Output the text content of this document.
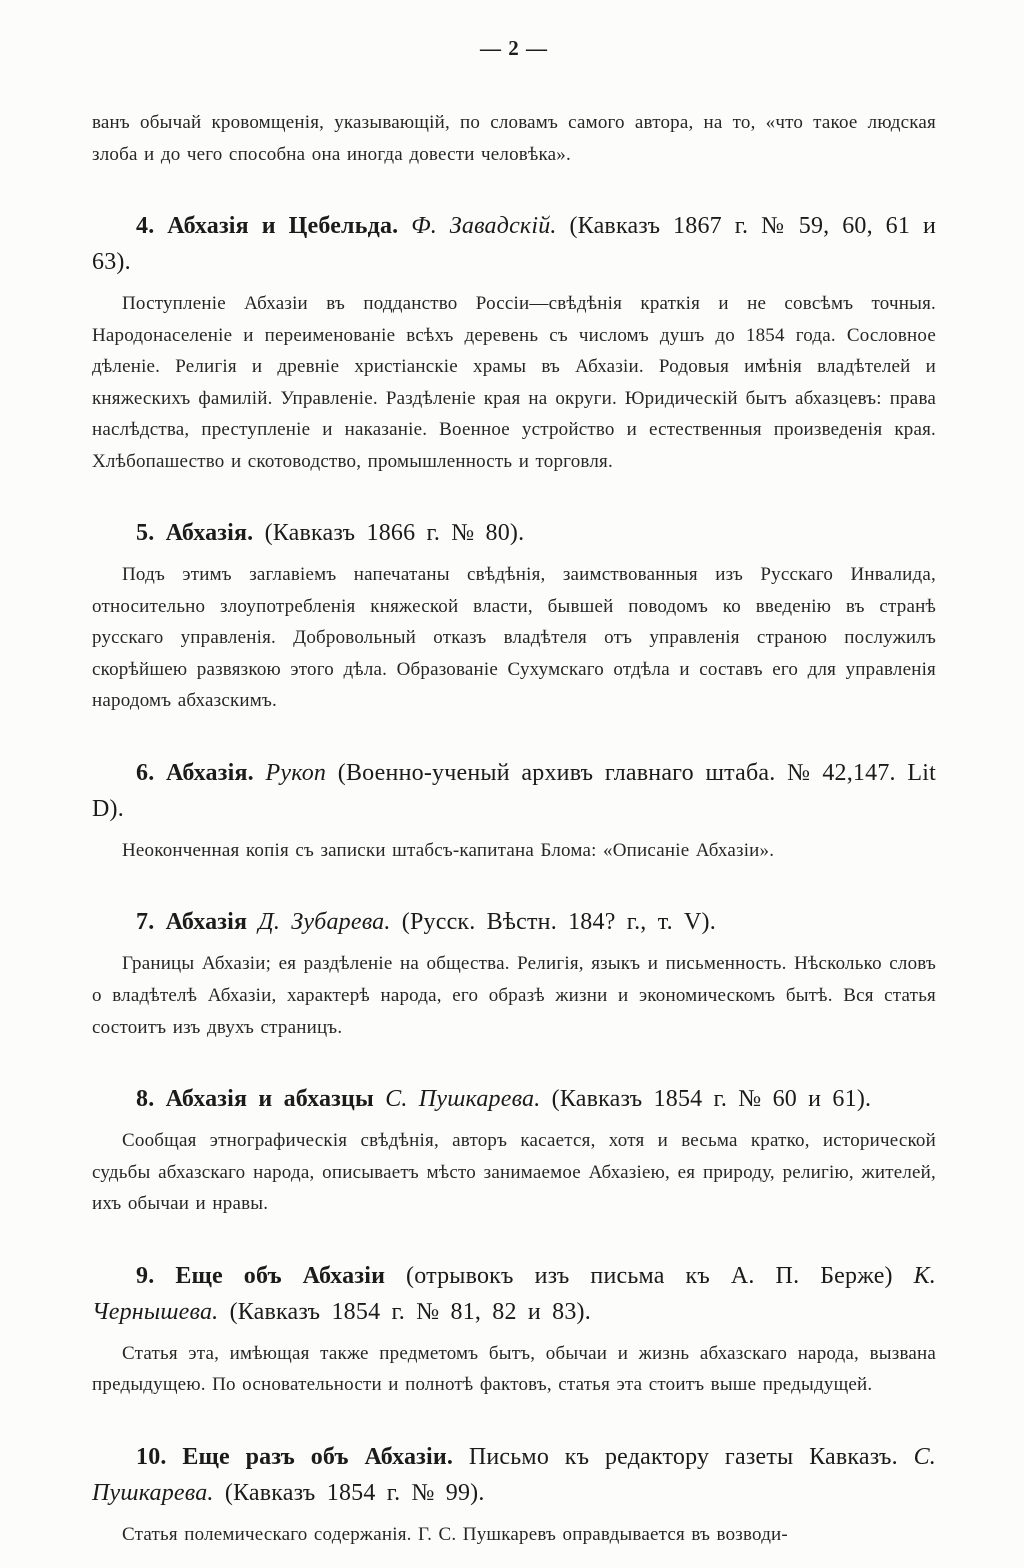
— 2 —

ванъ обычай кровомщенія, указывающій, по словамъ самого автора, на то, «что такое людская злоба и до чего способна она иногда довести человѣка».

4. Абхазія и Цебельда. Ф. Завадскій. (Кавказъ 1867 г. № 59, 60, 61 и 63).

Поступленіе Абхазіи въ подданство Россіи—свѣдѣнія краткія и не совсѣмъ точныя. Народонаселеніе и переименованіе всѣхъ деревень съ числомъ душъ до 1854 года. Сословное дѣленіе. Религія и древніе христіанскіе храмы въ Абхазіи. Родовыя имѣнія владѣтелей и княжескихъ фамилій. Управленіе. Раздѣленіе края на округи. Юридическій бытъ абхазцевъ: права наслѣдства, преступленіе и наказаніе. Военное устройство и естественныя произведенія края. Хлѣбопашество и скотоводство, промышленность и торговля.

5. Абхазія. (Кавказъ 1866 г. № 80).

Подъ этимъ заглавіемъ напечатаны свѣдѣнія, заимствованныя изъ Русскаго Инвалида, относительно злоупотребленія княжеской власти, бывшей поводомъ ко введенію въ странѣ русскаго управленія. Добровольный отказъ владѣтеля отъ управленія страною послужилъ скорѣйшею развязкою этого дѣла. Образованіе Сухумскаго отдѣла и составъ его для управленія народомъ абхазскимъ.

6. Абхазія. Рукоп (Военно-ученый архивъ главнаго штаба. № 42,147. Lit D).

Неоконченная копія съ записки штабсъ-капитана Блома: «Описаніе Абхазіи».

7. Абхазія Д. Зубарева. (Русск. Вѣстн. 184? г., т. V).

Границы Абхазіи; ея раздѣленіе на общества. Религія, языкъ и письменность. Нѣсколько словъ о владѣтелѣ Абхазіи, характерѣ народа, его образѣ жизни и экономическомъ бытѣ. Вся статья состоитъ изъ двухъ страницъ.

8. Абхазія и абхазцы С. Пушкарева. (Кавказъ 1854 г. № 60 и 61).

Сообщая этнографическія свѣдѣнія, авторъ касается, хотя и весьма кратко, исторической судьбы абхазскаго народа, описываетъ мѣсто занимаемое Абхазіею, ея природу, религію, жителей, ихъ обычаи и нравы.

9. Еще объ Абхазіи (отрывокъ изъ письма къ А. П. Берже) К. Чернышева. (Кавказъ 1854 г. № 81, 82 и 83).

Статья эта, имѣющая также предметомъ бытъ, обычаи и жизнь абхазскаго народа, вызвана предыдущею. По основательности и полнотѣ фактовъ, статья эта стоитъ выше предыдущей.

10. Еще разъ объ Абхазіи. Письмо къ редактору газеты Кавказъ. С. Пушкарева. (Кавказъ 1854 г. № 99).

Статья полемическаго содержанія. Г. С. Пушкаревъ оправдывается въ возводи-
